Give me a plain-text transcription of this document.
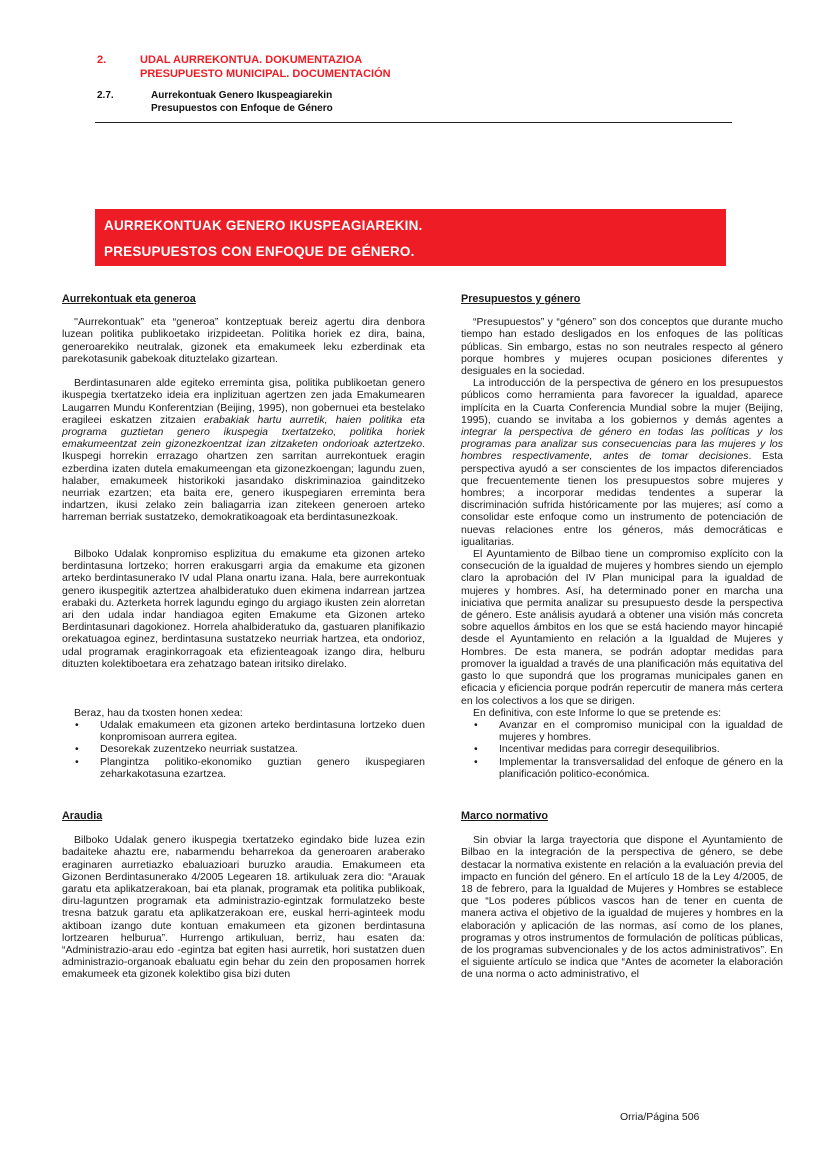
2.	UDAL AURREKONTUA. DOKUMENTAZIOA
PRESUPUESTO MUNICIPAL. DOCUMENTACIÓN
2.7.	Aurrekontuak Genero Ikuspeagiarekin
Presupuestos con Enfoque de Género
AURREKONTUAK GENERO IKUSPEAGIAREKIN.
PRESUPUESTOS CON ENFOQUE DE GÉNERO.
Aurrekontuak eta generoa	Presupuestos y género

''Aurrekontuak” eta “generoa” kontzeptuak bereiz agertu dira denbora luzean politika publikoetako irizpideetan. Politika horiek ez dira, baina, generoarekiko neutralak, gizonek eta emakumeek leku ezberdinak eta parekotasunik gabekoak dituztelako gizartean.

“Presupuestos” y “género” son dos conceptos que durante mucho tiempo han estado desligados en los enfoques de las políticas públicas. Sin embargo, estas no son neutrales respecto al género porque hombres y mujeres ocupan posiciones diferentes y desiguales en la sociedad.

Berdintasunaren alde egiteko erreminta gisa, politika publikoetan genero ikuspegia txertatzeko ideia era inplizituan agertzen zen jada Emakumearen Laugarren Mundu Konferentzian (Beijing, 1995), non gobernuei eta bestelako eragileei eskatzen zitzaien erabakiak hartu aurretik, haien politika eta programa guztietan genero ikuspegia txertatzeko, politika horiek emakumeentzat zein gizonezkoentzat izan zitzaketen ondorioak aztertzeko. Ikuspegi horrekin errazago ohartzen zen sarritan aurrekontuek eragin ezberdina izaten dutela emakumeengan eta gizonezkoengan; lagundu zuen, halaber, emakumeek historikoki jasandako diskriminazioa gainditzeko neurriak ezartzen; eta baita ere, genero ikuspegiaren erreminta bera indartzen, ikusi zelako zein baliagarria izan zitekeen generoen arteko harreman berriak sustatzeko, demokratikoagoak eta berdintasunezkoak.

La introducción de la perspectiva de género en los presupuestos públicos como herramienta para favorecer la igualdad, aparece implícita en la Cuarta Conferencia Mundial sobre la mujer (Beijing, 1995), cuando se invitaba a los gobiernos y demás agentes a integrar la perspectiva de género en todas las políticas y los programas para analizar sus consecuencias para las mujeres y los hombres respectivamente, antes de tomar decisiones. Esta perspectiva ayudó a ser conscientes de los impactos diferenciados que frecuentemente tienen los presupuestos sobre mujeres y hombres; a incorporar medidas tendentes a superar la discriminación sufrida históricamente por las mujeres; así como a consolidar este enfoque como un instrumento de potenciación de nuevas relaciones entre los géneros, más democráticas e igualitarias.

Bilboko Udalak konpromiso esplizitua du emakume eta gizonen arteko berdintasuna lortzeko; horren erakusgarri argia da emakume eta gizonen arteko berdintasunerako IV udal Plana onartu izana. Hala, bere aurrekontuak genero ikuspegitik aztertzea ahalbideratuko duen ekimena indarrean jartzea erabaki du. Azterketa horrek lagundu egingo du argiago ikusten zein alorretan ari den udala indar handiagoa egiten Emakume eta Gizonen arteko Berdintasunari dagokionez. Horrela ahalbideratuko da, gastuaren planifikazio orekatuagoa eginez, berdintasuna sustatzeko neurriak hartzea, eta ondorioz, udal programak eraginkorragoak eta efizienteagoak izango dira, helburu dituzten kolektiboetara era zehatzago batean iritsiko direlako.

El Ayuntamiento de Bilbao tiene un compromiso explícito con la consecución de la igualdad de mujeres y hombres siendo un ejemplo claro la aprobación del IV Plan municipal para la igualdad de mujeres y hombres. Así, ha determinado poner en marcha una iniciativa que permita analizar su presupuesto desde la perspectiva de género. Este análisis ayudará a obtener una visión más concreta sobre aquellos ámbitos en los que se está haciendo mayor hincapié desde el Ayuntamiento en relación a la Igualdad de Mujeres y Hombres. De esta manera, se podrán adoptar medidas para promover la igualdad a través de una planificación más equitativa del gasto lo que supondrá que los programas municipales ganen en eficacia y eficiencia porque podrán repercutir de manera más certera en los colectivos a los que se dirigen.

Beraz, hau da txosten honen xedea:

• Udalak emakumeen eta gizonen arteko berdintasuna lortzeko duen konpromisoan aurrera egitea.
• Desorekak zuzentzeko neurriak sustatzea.
• Plangintza politiko-ekonomiko guztian genero ikuspegiaren zeharkakotasuna ezartzea.

En definitiva, con este Informe lo que se pretende es:

• Avanzar en el compromiso municipal con la igualdad de mujeres y hombres.
• Incentivar medidas para corregir desequilibrios.
• Implementar la transversalidad del enfoque de género en la planificación politico-económica.
Araudia	Marco normativo

Bilboko Udalak genero ikuspegia txertatzeko egindako bide luzea ezin badaiteke ahaztu ere, nabarmendu beharrekoa da generoaren araberako eraginaren aurretiazko ebaluazioari buruzko araudia. Emakumeen eta Gizonen Berdintasunerako 4/2005 Legearen 18. artikuluak zera dio: “Arauak garatu eta aplikatzerakoan, bai eta planak, programak eta politika publikoak, diru-laguntzen programak eta administrazio-egintzak formulatzeko beste tresna batzuk garatu eta aplikatzerakoan ere, euskal herri-aginteek modu aktiboan izango dute kontuan emakumeen eta gizonen berdintasuna lortzearen helburua”. Hurrengo artikuluan, berriz, hau esaten da: “Administrazio-arau edo -egintza bat egiten hasi aurretik, hori sustatzen duen administrazio-organoak ebaluatu egin behar du zein den proposamen horrek emakumeek eta gizonek kolektibo gisa bizi duten

Sin obviar la larga trayectoria que dispone el Ayuntamiento de Bilbao en la integración de la perspectiva de género, se debe destacar la normativa existente en relación a la evaluación previa del impacto en función del género. En el artículo 18 de la Ley 4/2005, de 18 de febrero, para la Igualdad de Mujeres y Hombres se establece que “Los poderes públicos vascos han de tener en cuenta de manera activa el objetivo de la igualdad de mujeres y hombres en la elaboración y aplicación de las normas, así como de los planes, programas y otros instrumentos de formulación de políticas públicas, de los programas subvencionales y de los actos administrativos”. En el siguiente artículo se indica que “Antes de acometer la elaboración de una norma o acto administrativo, el

Orria/Página 506
